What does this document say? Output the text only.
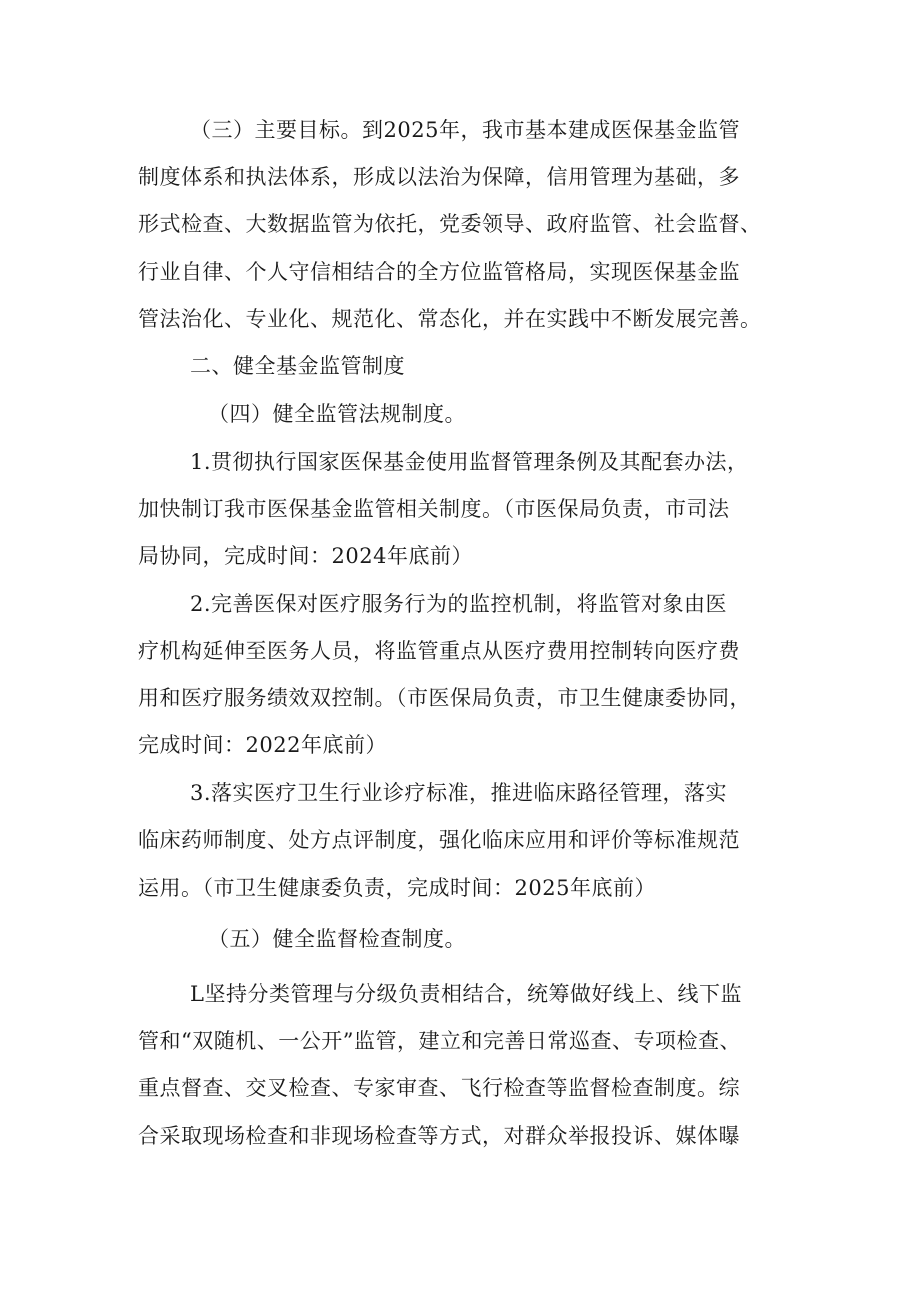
（三）主要目标。到2025年，我市基本建成医保基金监管
制度体系和执法体系，形成以法治为保障，信用管理为基础，多
形式检查、大数据监管为依托，党委领导、政府监管、社会监督、
行业自律、个人守信相结合的全方位监管格局，实现医保基金监
管法治化、专业化、规范化、常态化，并在实践中不断发展完善。
二、健全基金监管制度
（四）健全监管法规制度。
1.贯彻执行国家医保基金使用监督管理条例及其配套办法，
加快制订我市医保基金监管相关制度。（市医保局负责，市司法
局协同，完成时间：2024年底前）
2.完善医保对医疗服务行为的监控机制，将监管对象由医
疗机构延伸至医务人员，将监管重点从医疗费用控制转向医疗费
用和医疗服务绩效双控制。（市医保局负责，市卫生健康委协同，
完成时间：2022年底前）
3.落实医疗卫生行业诊疗标准，推进临床路径管理，落实
临床药师制度、处方点评制度，强化临床应用和评价等标准规范
运用。（市卫生健康委负责，完成时间：2025年底前）
（五）健全监督检查制度。
L坚持分类管理与分级负责相结合，统筹做好线上、线下监
管和“双随机、一公开”监管，建立和完善日常巡查、专项检查、
重点督查、交叉检查、专家审查、飞行检查等监督检查制度。综
合采取现场检查和非现场检查等方式，对群众举报投诉、媒体曝
